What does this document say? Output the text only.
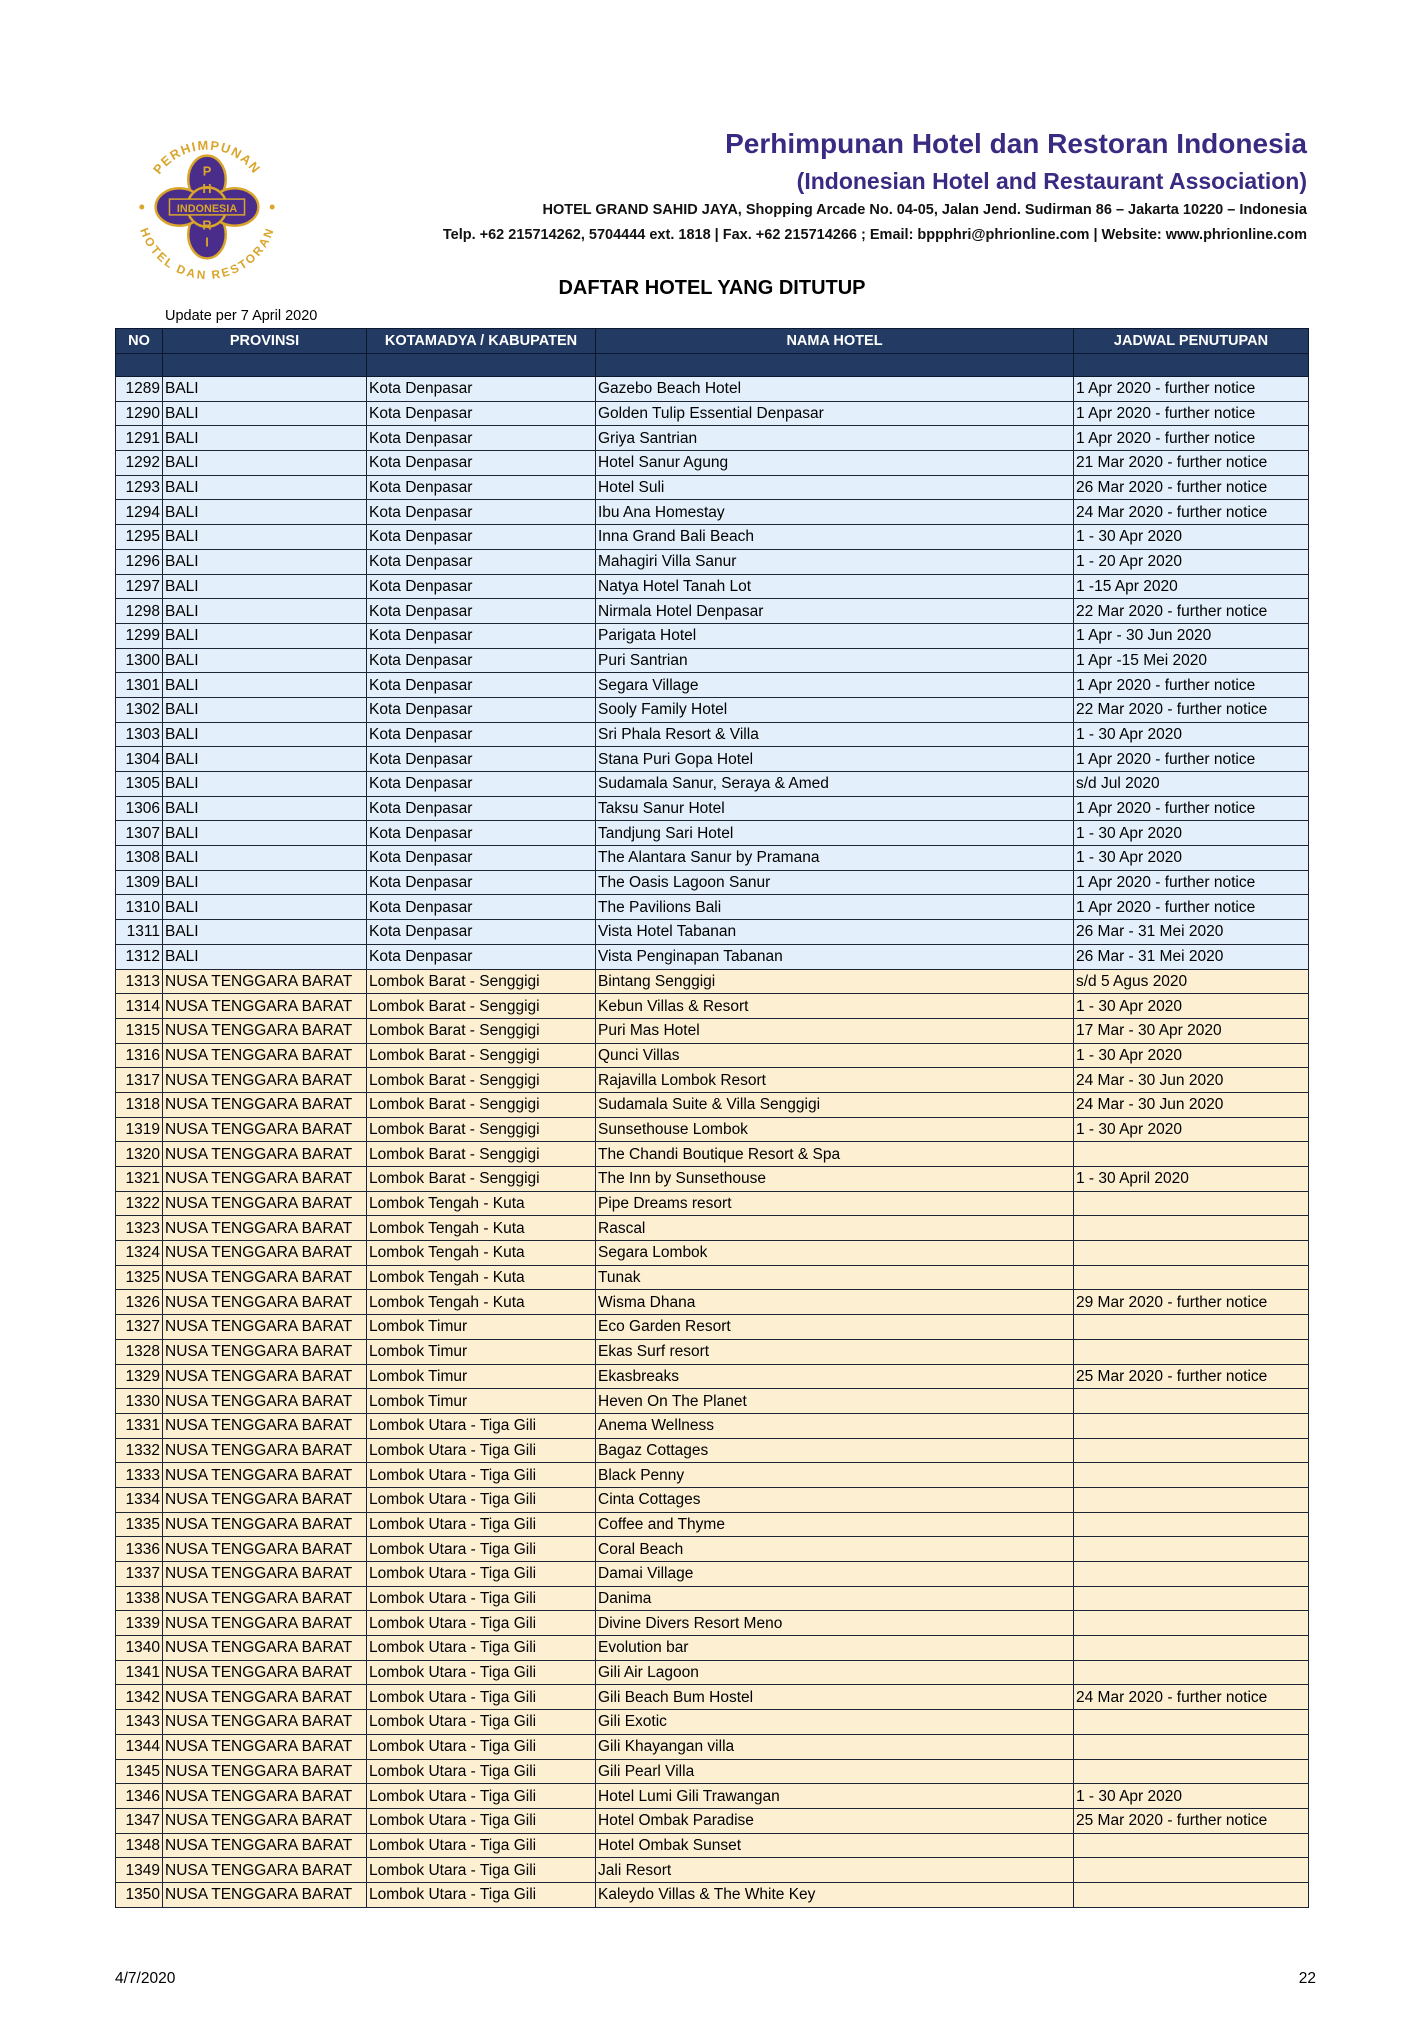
PERHIMPUNAN
HOTEL DAN RESTORAN
INDONESIA
P
H
R
I
Perhimpunan Hotel dan Restoran Indonesia
(Indonesian Hotel and Restaurant Association)
HOTEL GRAND SAHID JAYA, Shopping Arcade No. 04-05, Jalan Jend. Sudirman 86 – Jakarta 10220 – Indonesia
Telp. +62 215714262, 5704444 ext. 1818 | Fax. +62 215714266 ; Email: bppphri@phrionline.com | Website: www.phrionline.com
DAFTAR HOTEL YANG DITUTUP
Update per 7 April 2020
NO	PROVINSI	KOTAMADYA / KABUPATEN	NAMA HOTEL	JADWAL PENUTUPAN

1289	BALI	Kota Denpasar	Gazebo Beach Hotel	1 Apr 2020 - further notice
1290	BALI	Kota Denpasar	Golden Tulip Essential Denpasar	1 Apr 2020 - further notice
1291	BALI	Kota Denpasar	Griya Santrian	1 Apr 2020 - further notice
1292	BALI	Kota Denpasar	Hotel Sanur Agung	21 Mar 2020 - further notice
1293	BALI	Kota Denpasar	Hotel Suli	26 Mar 2020 - further notice
1294	BALI	Kota Denpasar	Ibu Ana Homestay	24 Mar 2020 - further notice
1295	BALI	Kota Denpasar	Inna Grand Bali Beach	1 - 30 Apr 2020
1296	BALI	Kota Denpasar	Mahagiri Villa Sanur	1 - 20 Apr 2020
1297	BALI	Kota Denpasar	Natya Hotel Tanah Lot	1 -15 Apr 2020
1298	BALI	Kota Denpasar	Nirmala Hotel Denpasar	22 Mar 2020 - further notice
1299	BALI	Kota Denpasar	Parigata Hotel	1 Apr - 30 Jun 2020
1300	BALI	Kota Denpasar	Puri Santrian	1 Apr -15 Mei 2020
1301	BALI	Kota Denpasar	Segara Village	1 Apr 2020 - further notice
1302	BALI	Kota Denpasar	Sooly Family Hotel	22 Mar 2020 - further notice
1303	BALI	Kota Denpasar	Sri Phala Resort & Villa	1 - 30 Apr 2020
1304	BALI	Kota Denpasar	Stana Puri Gopa Hotel	1 Apr 2020 - further notice
1305	BALI	Kota Denpasar	Sudamala Sanur, Seraya & Amed	s/d Jul 2020
1306	BALI	Kota Denpasar	Taksu Sanur Hotel	1 Apr 2020 - further notice
1307	BALI	Kota Denpasar	Tandjung Sari Hotel	1 - 30 Apr 2020
1308	BALI	Kota Denpasar	The Alantara Sanur by Pramana	1 - 30 Apr 2020
1309	BALI	Kota Denpasar	The Oasis Lagoon Sanur	1 Apr 2020 - further notice
1310	BALI	Kota Denpasar	The Pavilions Bali	1 Apr 2020 - further notice
1311	BALI	Kota Denpasar	Vista Hotel Tabanan	26 Mar - 31 Mei 2020
1312	BALI	Kota Denpasar	Vista Penginapan Tabanan	26 Mar - 31 Mei 2020
1313	NUSA TENGGARA BARAT	Lombok Barat - Senggigi	Bintang Senggigi	s/d 5 Agus 2020
1314	NUSA TENGGARA BARAT	Lombok Barat - Senggigi	Kebun Villas & Resort	1 - 30 Apr 2020
1315	NUSA TENGGARA BARAT	Lombok Barat - Senggigi	Puri Mas Hotel	17 Mar - 30 Apr 2020
1316	NUSA TENGGARA BARAT	Lombok Barat - Senggigi	Qunci Villas	1 - 30 Apr 2020
1317	NUSA TENGGARA BARAT	Lombok Barat - Senggigi	Rajavilla Lombok Resort	24 Mar - 30 Jun 2020
1318	NUSA TENGGARA BARAT	Lombok Barat - Senggigi	Sudamala Suite & Villa Senggigi	24 Mar - 30 Jun 2020
1319	NUSA TENGGARA BARAT	Lombok Barat - Senggigi	Sunsethouse Lombok	1 - 30 Apr 2020
1320	NUSA TENGGARA BARAT	Lombok Barat - Senggigi	The Chandi Boutique Resort & Spa	
1321	NUSA TENGGARA BARAT	Lombok Barat - Senggigi	The Inn by Sunsethouse	1 - 30 April 2020
1322	NUSA TENGGARA BARAT	Lombok Tengah - Kuta	Pipe Dreams resort	
1323	NUSA TENGGARA BARAT	Lombok Tengah - Kuta	Rascal	
1324	NUSA TENGGARA BARAT	Lombok Tengah - Kuta	Segara Lombok	
1325	NUSA TENGGARA BARAT	Lombok Tengah - Kuta	Tunak	
1326	NUSA TENGGARA BARAT	Lombok Tengah - Kuta	Wisma Dhana	29 Mar 2020 - further notice
1327	NUSA TENGGARA BARAT	Lombok Timur	Eco Garden Resort	
1328	NUSA TENGGARA BARAT	Lombok Timur	Ekas Surf resort	
1329	NUSA TENGGARA BARAT	Lombok Timur	Ekasbreaks	25 Mar 2020 - further notice
1330	NUSA TENGGARA BARAT	Lombok Timur	Heven On The Planet	
1331	NUSA TENGGARA BARAT	Lombok Utara - Tiga Gili	Anema Wellness	
1332	NUSA TENGGARA BARAT	Lombok Utara - Tiga Gili	Bagaz Cottages	
1333	NUSA TENGGARA BARAT	Lombok Utara - Tiga Gili	Black Penny	
1334	NUSA TENGGARA BARAT	Lombok Utara - Tiga Gili	Cinta Cottages	
1335	NUSA TENGGARA BARAT	Lombok Utara - Tiga Gili	Coffee and Thyme	
1336	NUSA TENGGARA BARAT	Lombok Utara - Tiga Gili	Coral Beach	
1337	NUSA TENGGARA BARAT	Lombok Utara - Tiga Gili	Damai Village	
1338	NUSA TENGGARA BARAT	Lombok Utara - Tiga Gili	Danima	
1339	NUSA TENGGARA BARAT	Lombok Utara - Tiga Gili	Divine Divers Resort Meno	
1340	NUSA TENGGARA BARAT	Lombok Utara - Tiga Gili	Evolution bar	
1341	NUSA TENGGARA BARAT	Lombok Utara - Tiga Gili	Gili Air Lagoon	
1342	NUSA TENGGARA BARAT	Lombok Utara - Tiga Gili	Gili Beach Bum Hostel	24 Mar 2020 - further notice
1343	NUSA TENGGARA BARAT	Lombok Utara - Tiga Gili	Gili Exotic	
1344	NUSA TENGGARA BARAT	Lombok Utara - Tiga Gili	Gili Khayangan villa	
1345	NUSA TENGGARA BARAT	Lombok Utara - Tiga Gili	Gili Pearl Villa	
1346	NUSA TENGGARA BARAT	Lombok Utara - Tiga Gili	Hotel Lumi Gili Trawangan	1 - 30 Apr 2020
1347	NUSA TENGGARA BARAT	Lombok Utara - Tiga Gili	Hotel Ombak Paradise	25 Mar 2020 - further notice
1348	NUSA TENGGARA BARAT	Lombok Utara - Tiga Gili	Hotel Ombak Sunset	
1349	NUSA TENGGARA BARAT	Lombok Utara - Tiga Gili	Jali Resort	
1350	NUSA TENGGARA BARAT	Lombok Utara - Tiga Gili	Kaleydo Villas & The White Key	
4/7/2020	22
